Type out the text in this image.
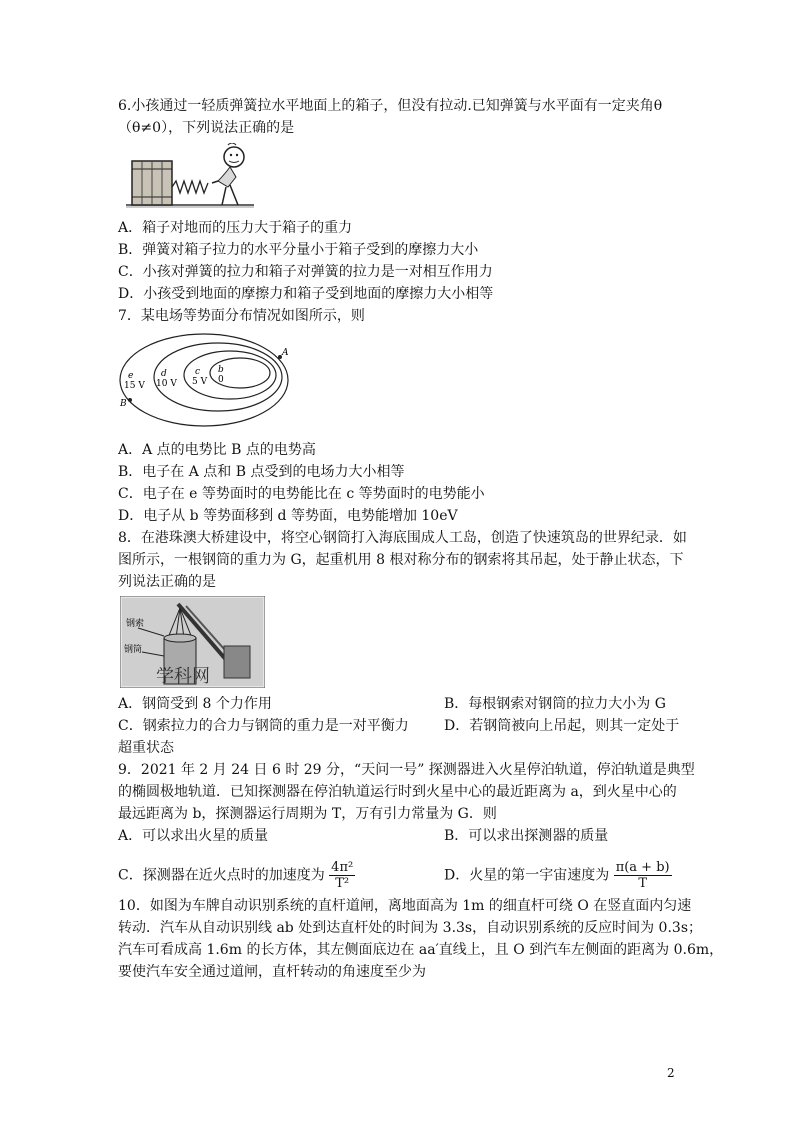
6.小孩通过一轻质弹簧拉水平地面上的箱子，但没有拉动.已知弹簧与水平面有一定夹角θ
（θ≠0），下列说法正确的是
A．箱子对地而的压力大于箱子的重力
B．弹簧对箱子拉力的水平分量小于箱子受到的摩擦力大小
C．小孩对弹簧的拉力和箱子对弹簧的拉力是一对相互作用力
D．小孩受到地面的摩擦力和箱子受到地面的摩擦力大小相等
7．某电场等势面分布情况如图所示，则
e
15 V
d
10 V
c
5 V
b
0
A
B
A．A 点的电势比 B 点的电势高
B．电子在 A 点和 B 点受到的电场力大小相等
C．电子在 e 等势面时的电势能比在 c 等势面时的电势能小
D．电子从 b 等势面移到 d 等势面，电势能增加 10eV
8．在港珠澳大桥建设中，将空心钢筒打入海底围成人工岛，创造了快速筑岛的世界纪录．如
图所示，一根钢筒的重力为 G，起重机用 8 根对称分布的钢索将其吊起，处于静止状态，下
列说法正确的是
钢索
钢筒
学科网
A．钢筒受到 8 个力作用	B．每根钢索对钢筒的拉力大小为 G
C．钢索拉力的合力与钢筒的重力是一对平衡力	D．若钢筒被向上吊起，则其一定处于
超重状态
9．2021 年 2 月 24 日 6 时 29 分，“天问一号” 探测器进入火星停泊轨道，停泊轨道是典型
的椭圆极地轨道．已知探测器在停泊轨道运行时到火星中心的最近距离为 a，到火星中心的
最远距离为 b，探测器运行周期为 T，万有引力常量为 G．则
A．可以求出火星的质量	B．可以求出探测器的质量
C．探测器在近火点时的加速度为 $\frac{\text{4π²}}{\text{T²}}$	D．火星的第一宇宙速度为 $\frac{\pi(a + b)}{T}$
10．如图为车牌自动识别系统的直杆道闸，离地面高为 1m 的细直杆可绕 O 在竖直面内匀速
转动．汽车从自动识别线 ab 处到达直杆处的时间为 3.3s，自动识别系统的反应时间为 0.3s；
汽车可看成高 1.6m 的长方体，其左侧面底边在 aa′直线上，且 O 到汽车左侧面的距离为 0.6m，
要使汽车安全通过道闸，直杆转动的角速度至少为
2
